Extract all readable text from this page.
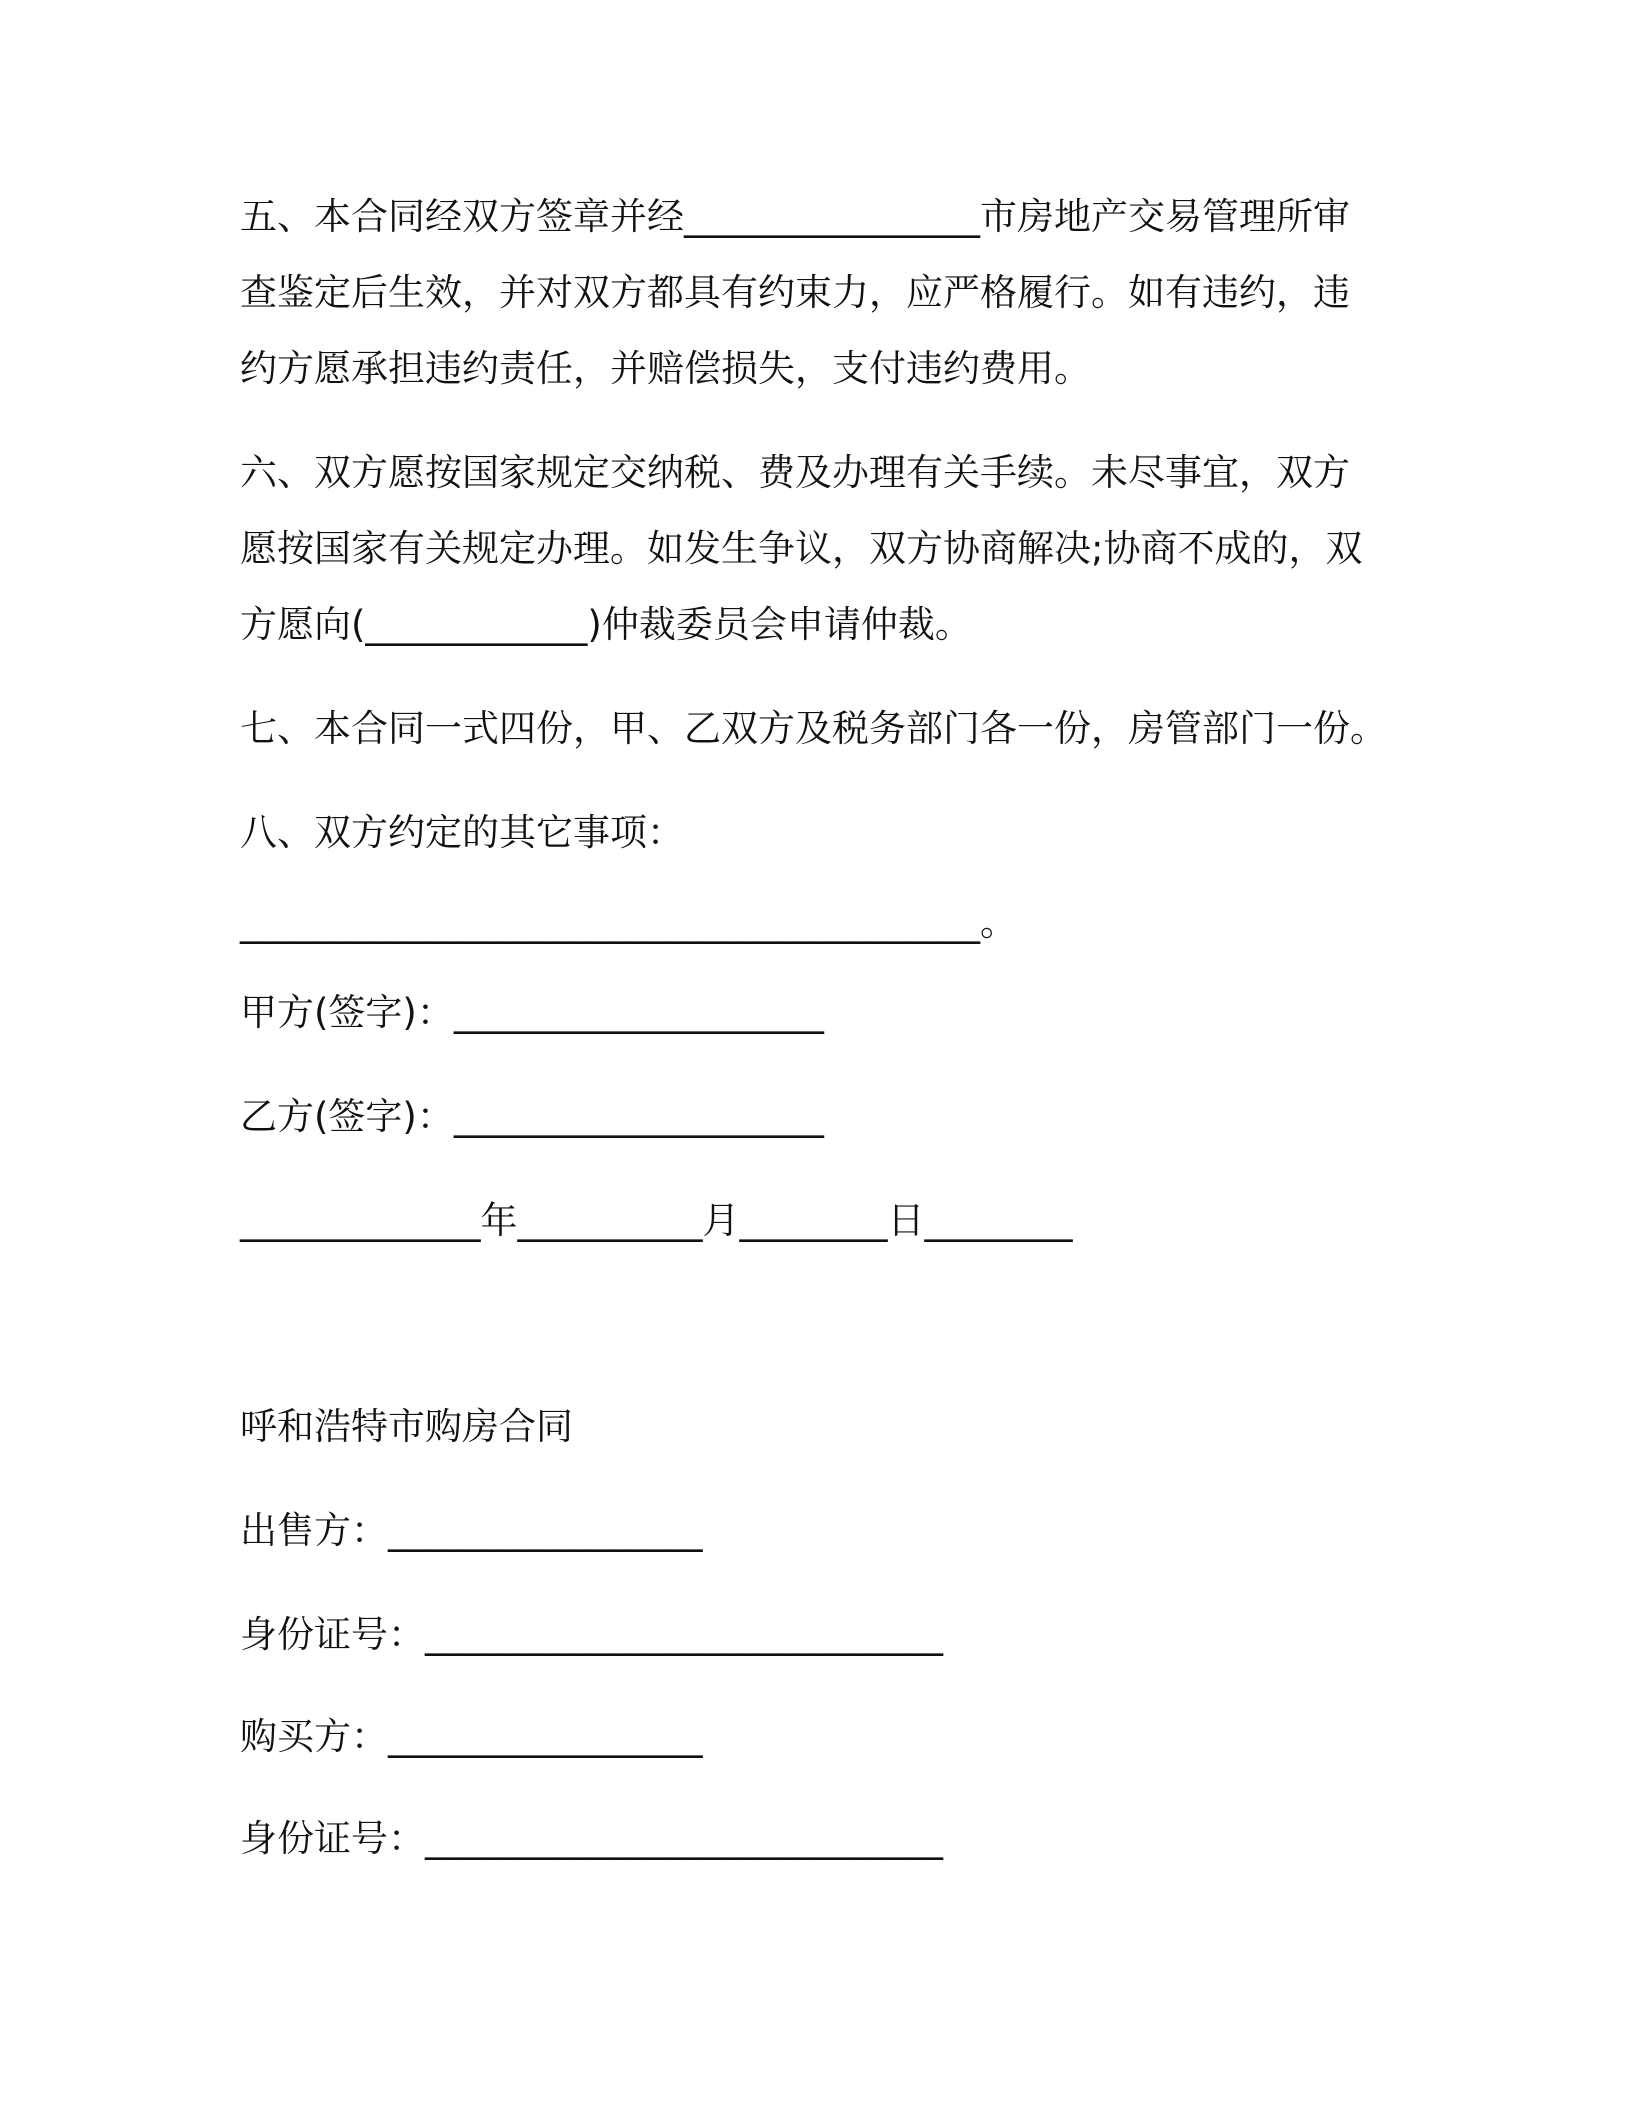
五、本合同经双方签章并经________________市房地产交易管理所审
查鉴定后生效，并对双方都具有约束力，应严格履行。如有违约，违
约方愿承担违约责任，并赔偿损失，支付违约费用。
六、双方愿按国家规定交纳税、费及办理有关手续。未尽事宜，双方
愿按国家有关规定办理。如发生争议，双方协商解决;协商不成的，双
方愿向(____________)仲裁委员会申请仲裁。
七、本合同一式四份，甲、乙双方及税务部门各一份，房管部门一份。
八、双方约定的其它事项：
________________________________________。
甲方(签字)：____________________
乙方(签字)：____________________
_____________年__________月________日________
呼和浩特市购房合同
出售方：_________________
身份证号：____________________________
购买方：_________________
身份证号：____________________________
